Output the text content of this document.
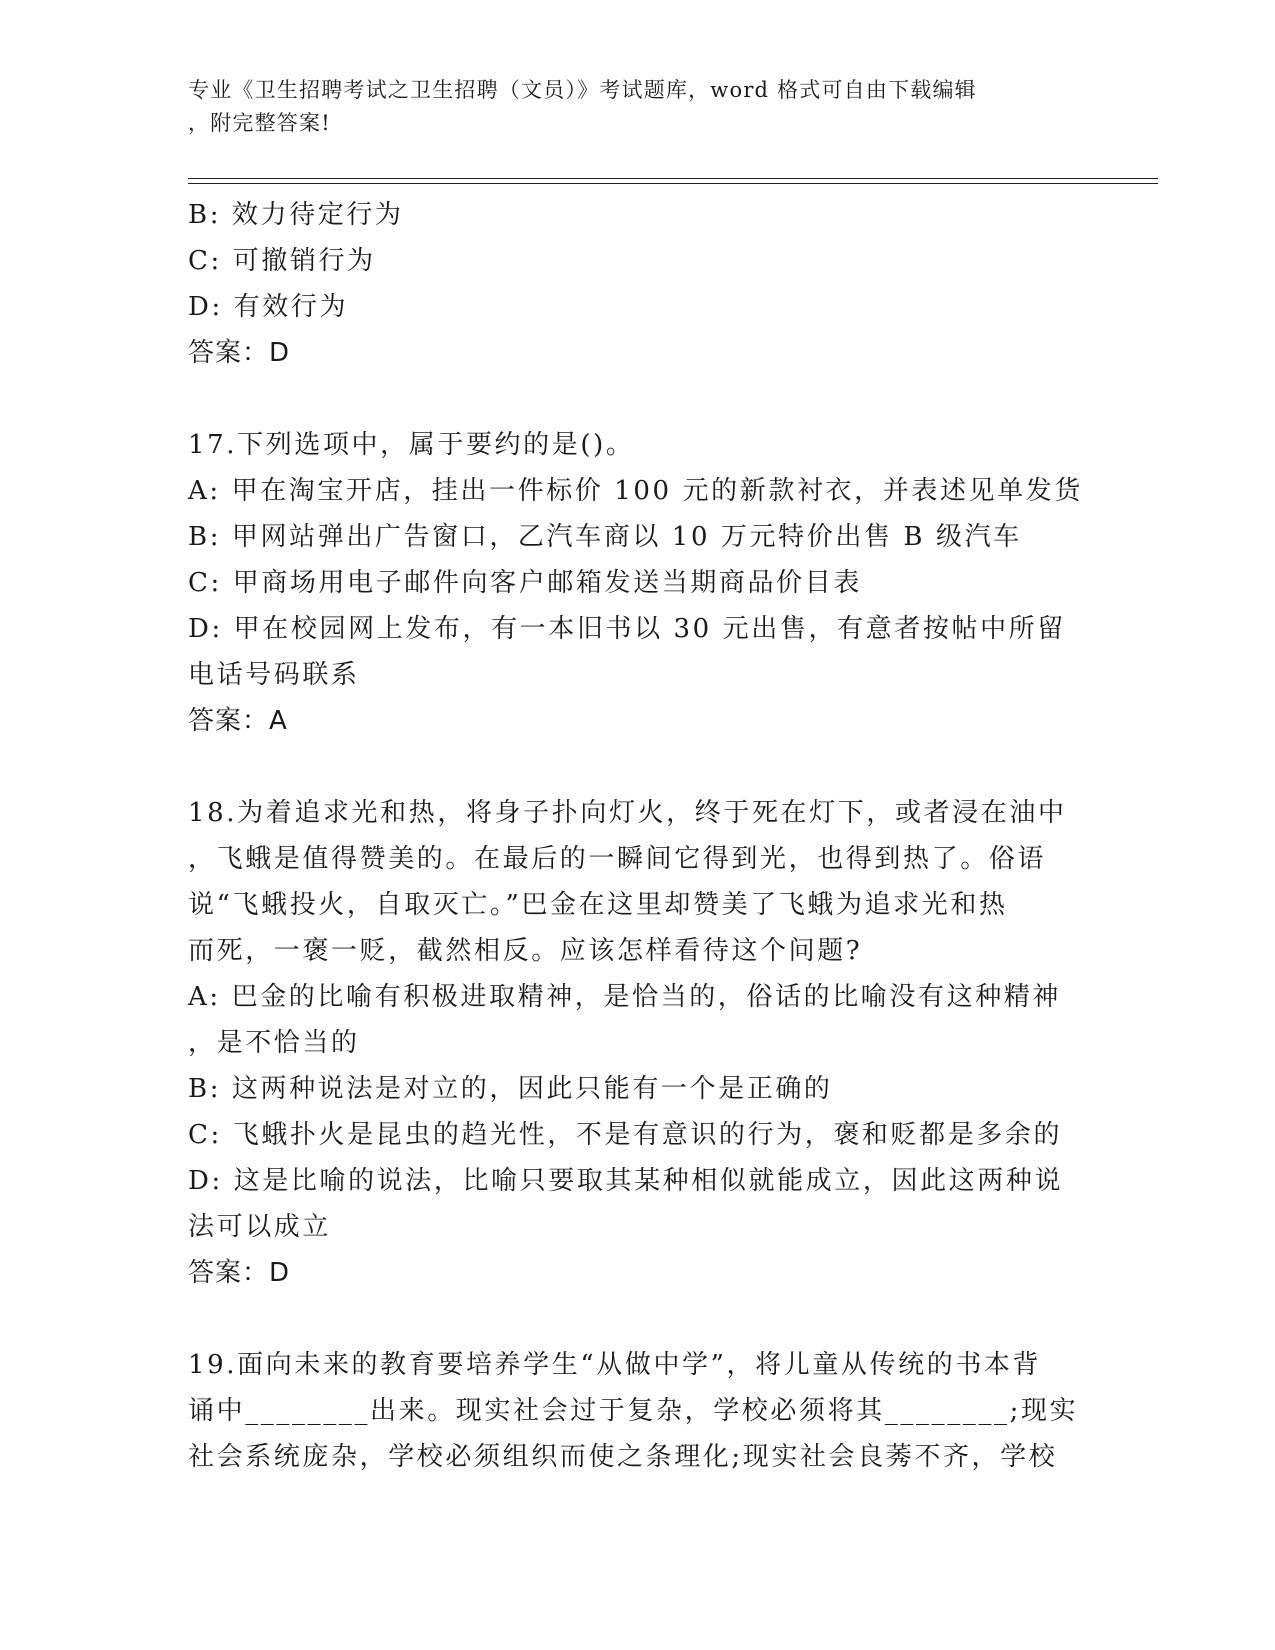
专业《卫生招聘考试之卫生招聘（文员）》考试题库，word 格式可自由下载编辑
，附完整答案!
B: 效力待定行为
C: 可撤销行为
D: 有效行为
答案：D
17.下列选项中，属于要约的是()。
A: 甲在淘宝开店，挂出一件标价 100 元的新款衬衣，并表述见单发货
B: 甲网站弹出广告窗口，乙汽车商以 10 万元特价出售 B 级汽车
C: 甲商场用电子邮件向客户邮箱发送当期商品价目表
D: 甲在校园网上发布，有一本旧书以 30 元出售，有意者按帖中所留
电话号码联系
答案：A
18.为着追求光和热，将身子扑向灯火，终于死在灯下，或者浸在油中
，飞蛾是值得赞美的。在最后的一瞬间它得到光，也得到热了。俗语
说“飞蛾投火，自取灭亡。”巴金在这里却赞美了飞蛾为追求光和热
而死，一褒一贬，截然相反。应该怎样看待这个问题?
A: 巴金的比喻有积极进取精神，是恰当的，俗话的比喻没有这种精神
，是不恰当的
B: 这两种说法是对立的，因此只能有一个是正确的
C: 飞蛾扑火是昆虫的趋光性，不是有意识的行为，褒和贬都是多余的
D: 这是比喻的说法，比喻只要取其某种相似就能成立，因此这两种说
法可以成立
答案：D
19.面向未来的教育要培养学生“从做中学”，将儿童从传统的书本背
诵中________出来。现实社会过于复杂，学校必须将其________;现实
社会系统庞杂，学校必须组织而使之条理化;现实社会良莠不齐，学校
